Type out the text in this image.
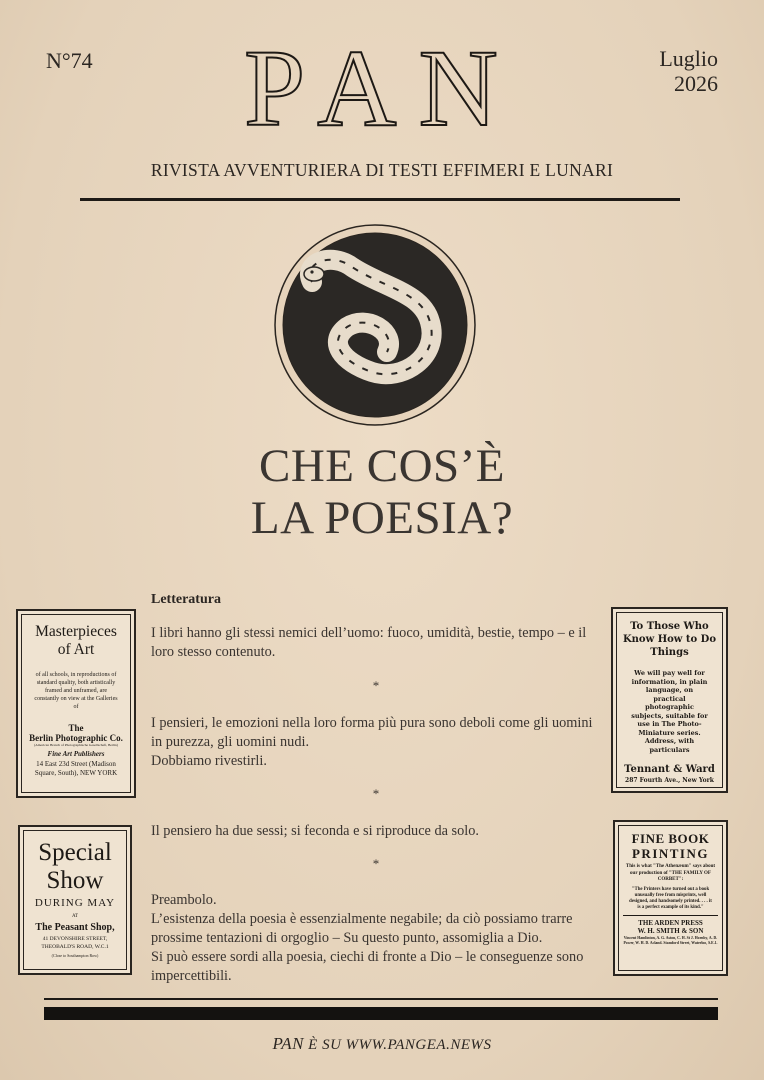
N°74	Luglio
2026
PAN
RIVISTA AVVENTURIERA DI TESTI EFFIMERI E LUNARI
CHE COS’È
LA POESIA?
Letteratura

I libri hanno gli stessi nemici dell’uomo: fuoco, umidità, bestie, tempo – e il loro stesso contenuto.

*

I pensieri, le emozioni nella loro forma più pura sono deboli come gli uomini in purezza, gli uomini nudi.

Dobbiamo rivestirli.

*

Il pensiero ha due sessi; si feconda e si riproduce da solo.

*

Preambolo.

L’esistenza della poesia è essenzialmente negabile; da ciò possiamo trarre prossime tentazioni di orgoglio – Su questo punto, assomiglia a Dio.

Si può essere sordi alla poesia, ciechi di fronte a Dio – le conseguenze sono impercettibili.

Masterpieces
of Art
of all schools, in reproductions of standard quality, both artistically framed and unframed, are constantly on view at the Galleries of
The
Berlin Photographic Co.
(American Branch of Photographische Gesellschaft, Berlin)
Fine Art Publishers
14 East 23d Street (Madison Square, South), NEW YORK
Special
Show
DURING MAY
AT
The Peasant Shop,
41 DEVONSHIRE STREET, THEOBALD'S ROAD, W.C.1
(Close to Southampton Row)
To Those Who Know How to Do Things
We will pay well for information, in plain language, on practical photographic subjects, suitable for use in The Photo-Miniature series. Address, with particulars
Tennant & Ward
287 Fourth Ave., New York
FINE BOOK
PRINTING
This is what "The Athenæum" says about our production of "THE FAMILY OF CORBET":
"The Printers have turned out a book unusually free from misprints, well designed, and handsomely printed. . . . it is a perfect example of its kind."
THE ARDEN PRESS
W. H. SMITH & SON
Vincent Hamlinton, A. G. Aston, C. H. St J. Hornby, A. D. Power, W. H. D. Acland. Stamford Street, Waterloo, S.E.1.
PAN È SU WWW.PANGEA.NEWS
